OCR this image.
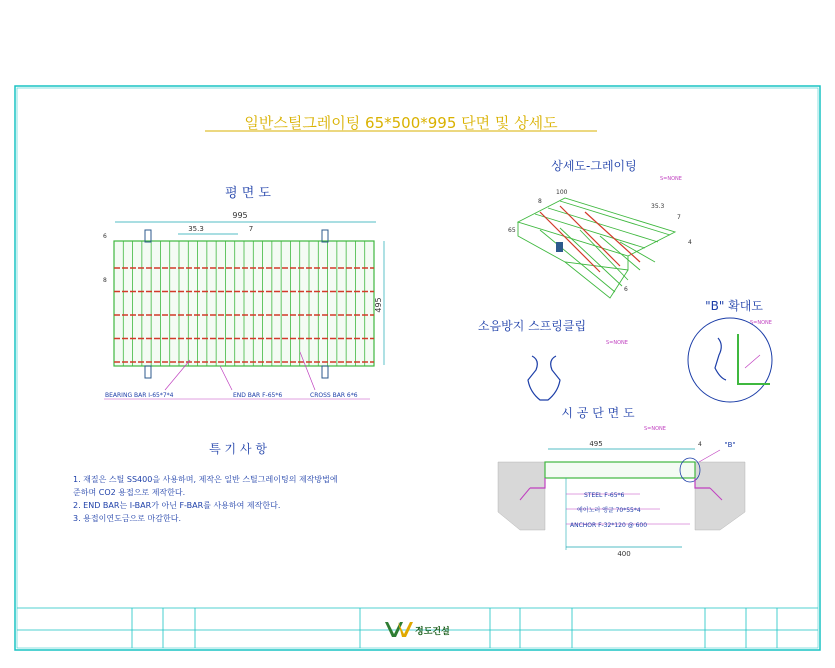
일반스틸그레이팅 65*500*995 단면 및 상세도
평 면 도
995
35.3	7
6
8
495
BEARING BAR I-65*7*4	END BAR F-65*6	CROSS BAR 6*6
상세도-그레이팅
S=NONE
100
8
35.3
7
65
4
6
소음방지 스프링클립
S=NONE
"B" 확대도
S=NONE
시 공 단 면 도
S=NONE
495	4	"B"
STEEL F-65*6
에이노러 앵글 70*55*4
ANCHOR F-32*120 @ 600
400
특 기 사 항
1. 재질은 스틸 SS400을 사용하며, 제작은 일반 스틸그레이팅의 제작방법에
준하며 CO2 용접으로 제작한다.
2. END BAR는 I-BAR가 아닌 F-BAR를 사용하여 제작한다.
3. 용접이연도금으로 마감한다.
정도건설
